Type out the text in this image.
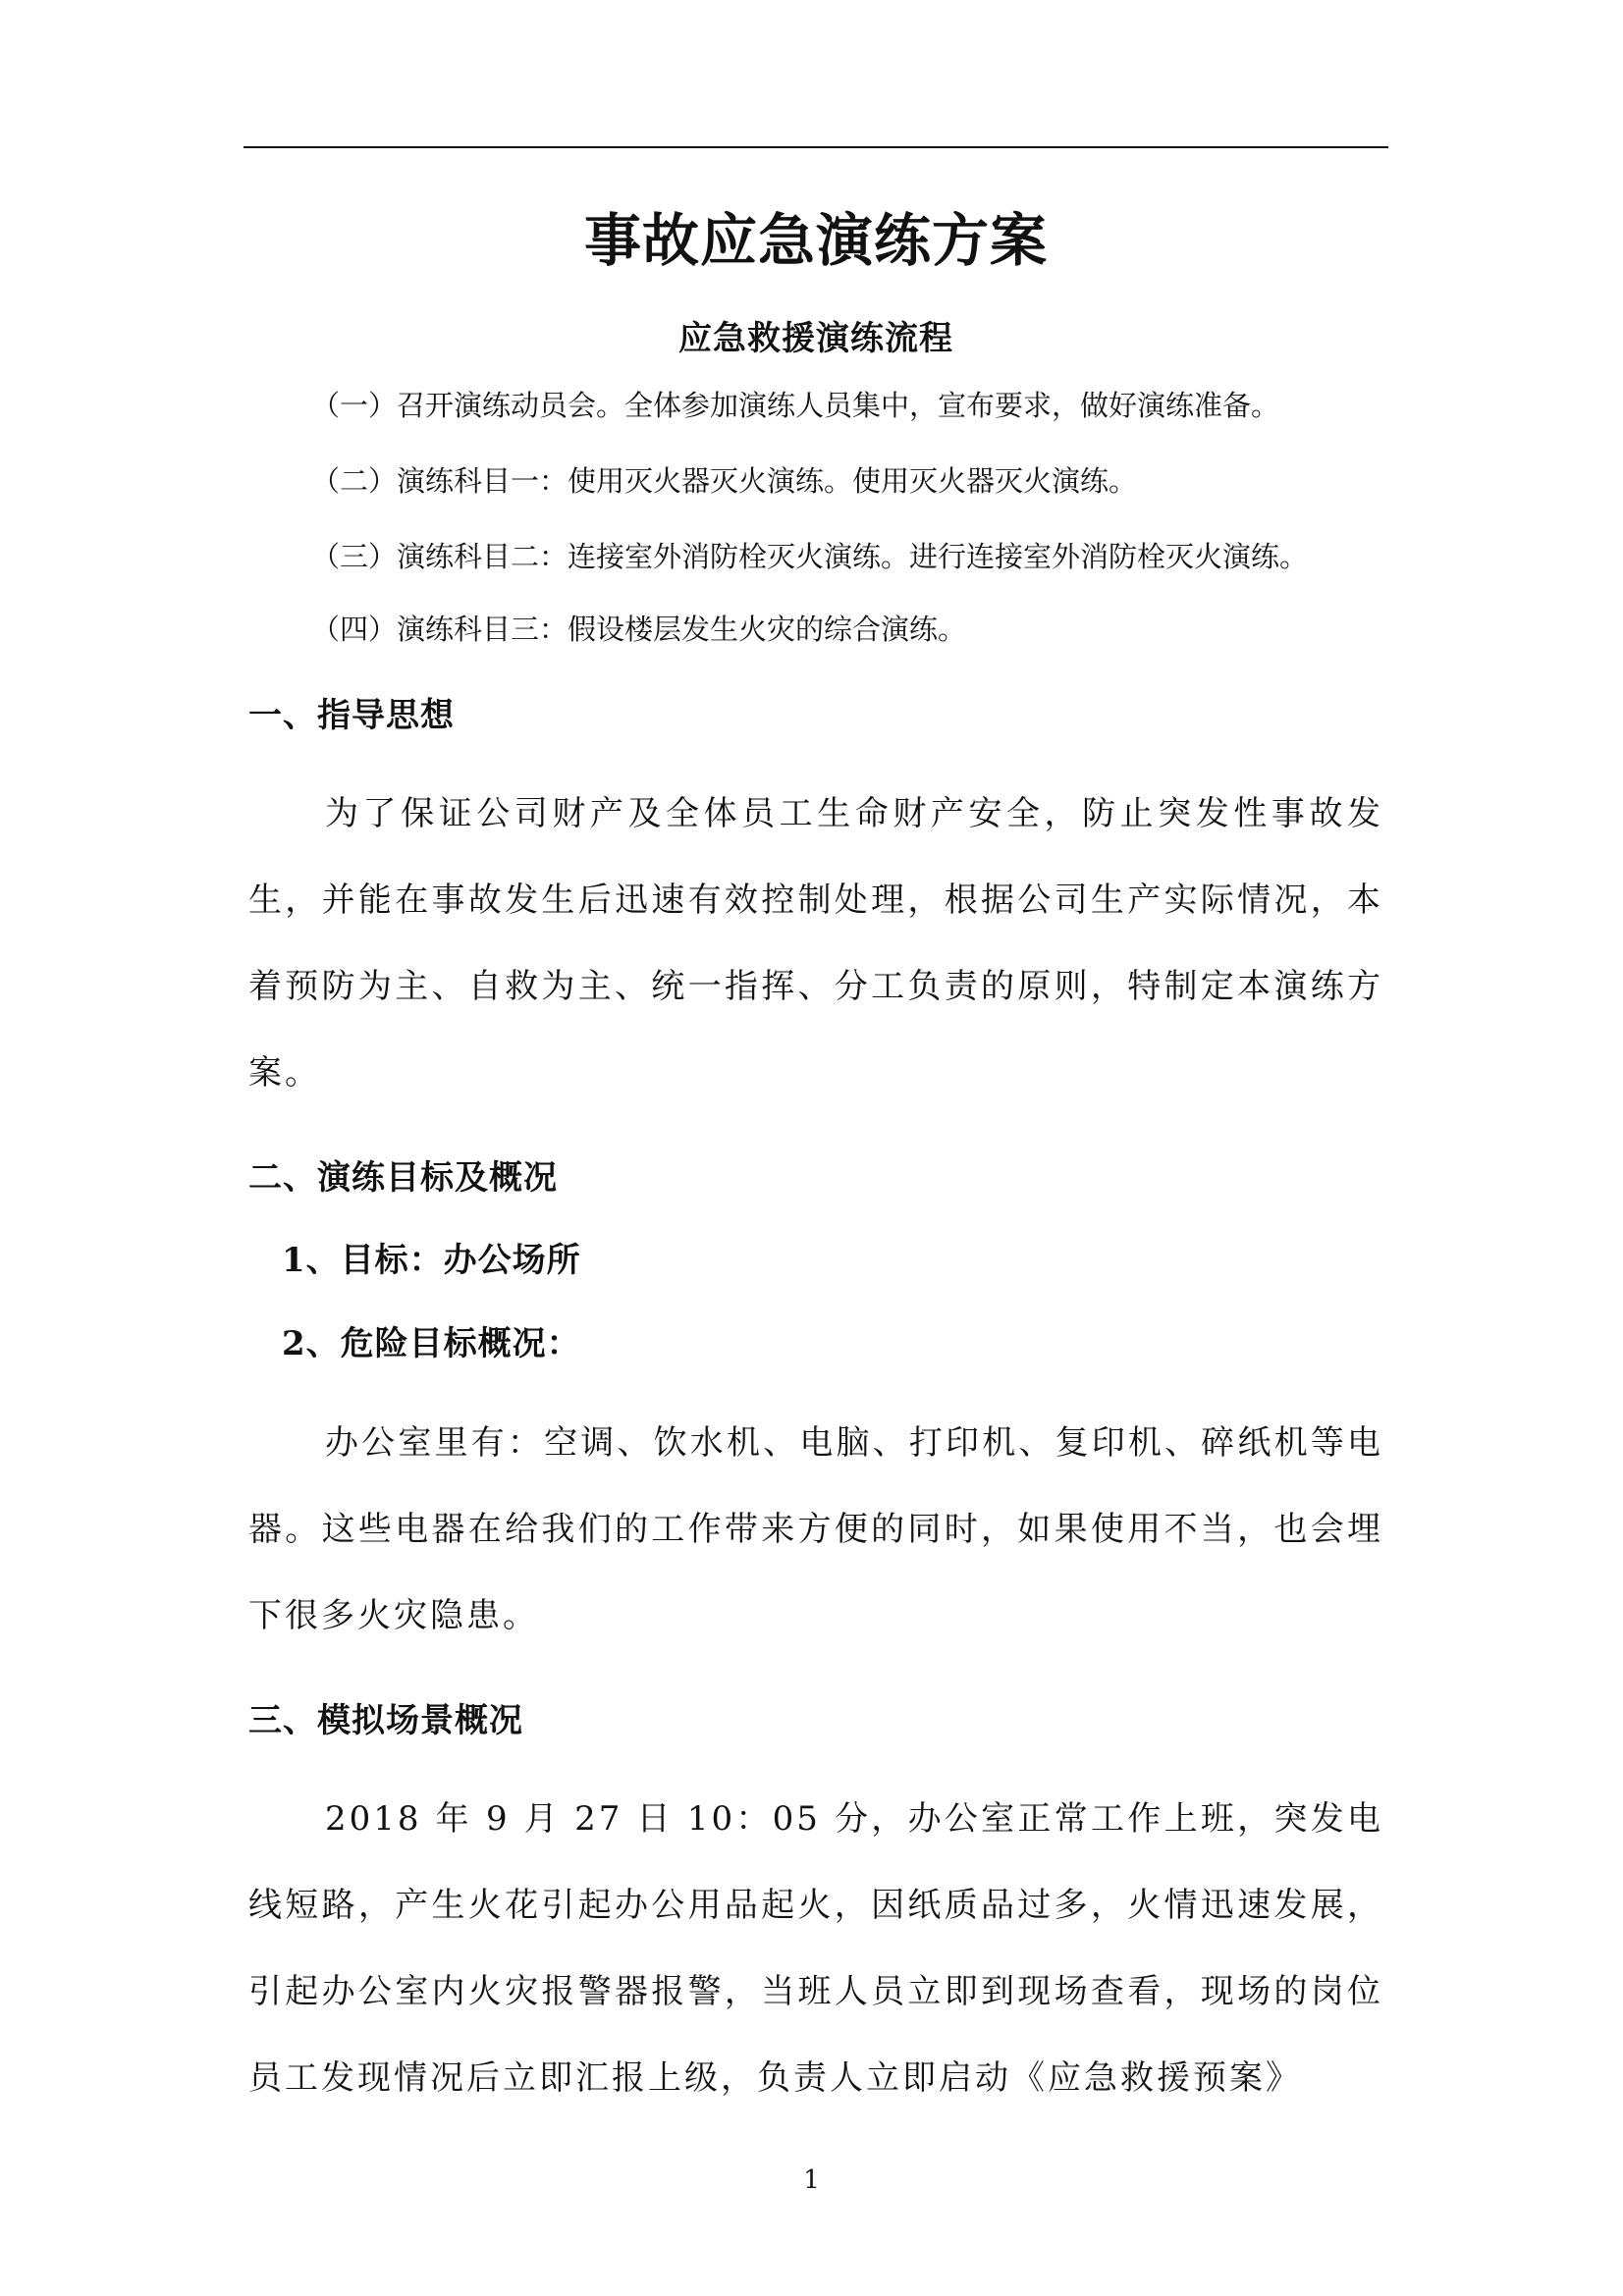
事故应急演练方案
应急救援演练流程

（一）召开演练动员会。全体参加演练人员集中，宣布要求，做好演练准备。

（二）演练科目一：使用灭火器灭火演练。使用灭火器灭火演练。

（三）演练科目二：连接室外消防栓灭火演练。进行连接室外消防栓灭火演练。

（四）演练科目三：假设楼层发生火灾的综合演练。

一、指导思想

为了保证公司财产及全体员工生命财产安全，防止突发性事故发生，并能在事故发生后迅速有效控制处理，根据公司生产实际情况，本着预防为主、自救为主、统一指挥、分工负责的原则，特制定本演练方案。

二、演练目标及概况
1、目标：办公场所
2、危险目标概况：

办公室里有：空调、饮水机、电脑、打印机、复印机、碎纸机等电器。这些电器在给我们的工作带来方便的同时，如果使用不当，也会埋下很多火灾隐患。

三、模拟场景概况

2018 年 9 月 27 日 10：05 分，办公室正常工作上班，突发电线短路，产生火花引起办公用品起火，因纸质品过多，火情迅速发展，引起办公室内火灾报警器报警，当班人员立即到现场查看，现场的岗位员工发现情况后立即汇报上级，负责人立即启动《应急救援预案》

1
